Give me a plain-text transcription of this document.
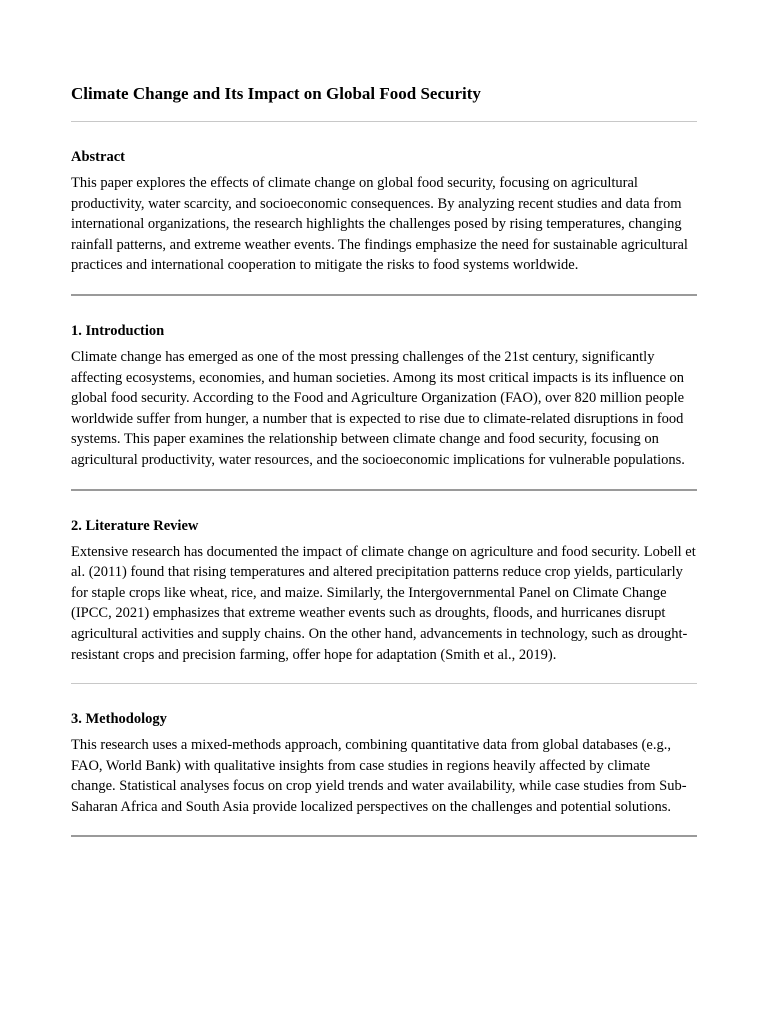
Climate Change and Its Impact on Global Food Security
Abstract

This paper explores the effects of climate change on global food security, focusing on agricultural productivity, water scarcity, and socioeconomic consequences. By analyzing recent studies and data from international organizations, the research highlights the challenges posed by rising temperatures, changing rainfall patterns, and extreme weather events. The findings emphasize the need for sustainable agricultural practices and international cooperation to mitigate the risks to food systems worldwide.

1. Introduction

Climate change has emerged as one of the most pressing challenges of the 21st century, significantly affecting ecosystems, economies, and human societies. Among its most critical impacts is its influence on global food security. According to the Food and Agriculture Organization (FAO), over 820 million people worldwide suffer from hunger, a number that is expected to rise due to climate-related disruptions in food systems. This paper examines the relationship between climate change and food security, focusing on agricultural productivity, water resources, and the socioeconomic implications for vulnerable populations.

2. Literature Review

Extensive research has documented the impact of climate change on agriculture and food security. Lobell et al. (2011) found that rising temperatures and altered precipitation patterns reduce crop yields, particularly for staple crops like wheat, rice, and maize. Similarly, the Intergovernmental Panel on Climate Change (IPCC, 2021) emphasizes that extreme weather events such as droughts, floods, and hurricanes disrupt agricultural activities and supply chains. On the other hand, advancements in technology, such as drought-resistant crops and precision farming, offer hope for adaptation (Smith et al., 2019).

3. Methodology

This research uses a mixed-methods approach, combining quantitative data from global databases (e.g., FAO, World Bank) with qualitative insights from case studies in regions heavily affected by climate change. Statistical analyses focus on crop yield trends and water availability, while case studies from Sub-Saharan Africa and South Asia provide localized perspectives on the challenges and potential solutions.
